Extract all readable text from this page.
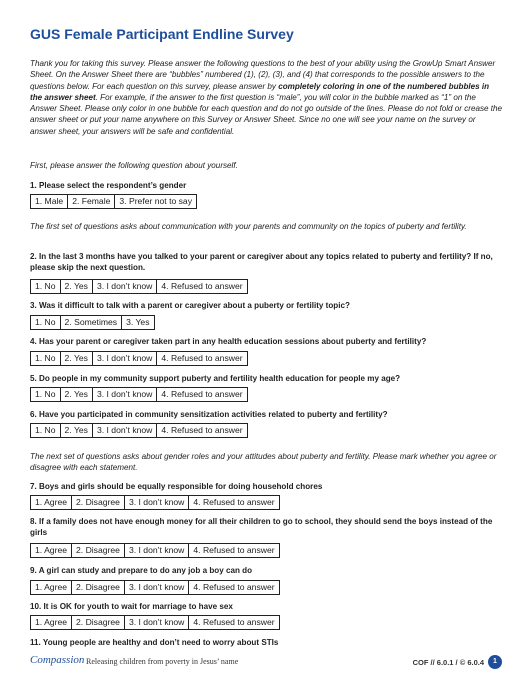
GUS Female Participant Endline Survey
Thank you for taking this survey. Please answer the following questions to the best of your ability using the GrowUp Smart Answer Sheet. On the Answer Sheet there are “bubbles” numbered (1), (2), (3), and (4) that corresponds to the possible answers to the questions below. For each question on this survey, please answer by completely coloring in one of the numbered bubbles in the answer sheet. For example, if the answer to the first question is “male”, you will color in the bubble marked as “1” on the Answer Sheet. Please only color in one bubble for each question and do not go outside of the lines. Please do not fold or crease the answer sheet or put your name anywhere on this Survey or Answer Sheet. Since no one will see your name on the survey or answer sheet, your answers will be safe and confidential.
First, please answer the following question about yourself.
1. Please select the respondent’s gender
1. Male	2. Female	3. Prefer not to say
The first set of questions asks about communication with your parents and community on the topics of puberty and fertility.
2. In the last 3 months have you talked to your parent or caregiver about any topics related to puberty and fertility? If no, please skip the next question.
1. No	2. Yes	3. I don’t know	4. Refused to answer
3. Was it difficult to talk with a parent or caregiver about a puberty or fertility topic?
1. No	2. Sometimes	3. Yes
4. Has your parent or caregiver taken part in any health education sessions about puberty and fertility?
1. No	2. Yes	3. I don’t know	4. Refused to answer
5. Do people in my community support puberty and fertility health education for people my age?
1. No	2. Yes	3. I don’t know	4. Refused to answer
6. Have you participated in community sensitization activities related to puberty and fertility?
1. No	2. Yes	3. I don’t know	4. Refused to answer
The next set of questions asks about gender roles and your attitudes about puberty and fertility. Please mark whether you agree or disagree with each statement.
7. Boys and girls should be equally responsible for doing household chores
1. Agree	2. Disagree	3. I don’t know	4. Refused to answer
8. If a family does not have enough money for all their children to go to school, they should send the boys instead of the girls
1. Agree	2. Disagree	3. I don’t know	4. Refused to answer
9. A girl can study and prepare to do any job a boy can do
1. Agree	2. Disagree	3. I don’t know	4. Refused to answer
10. It is OK for youth to wait for marriage to have sex
1. Agree	2. Disagree	3. I don’t know	4. Refused to answer
11. Young people are healthy and don’t need to worry about STIs
Compassion Releasing children from poverty in Jesus’ name	COF // 6.0.1 / © 6.0.4	1
